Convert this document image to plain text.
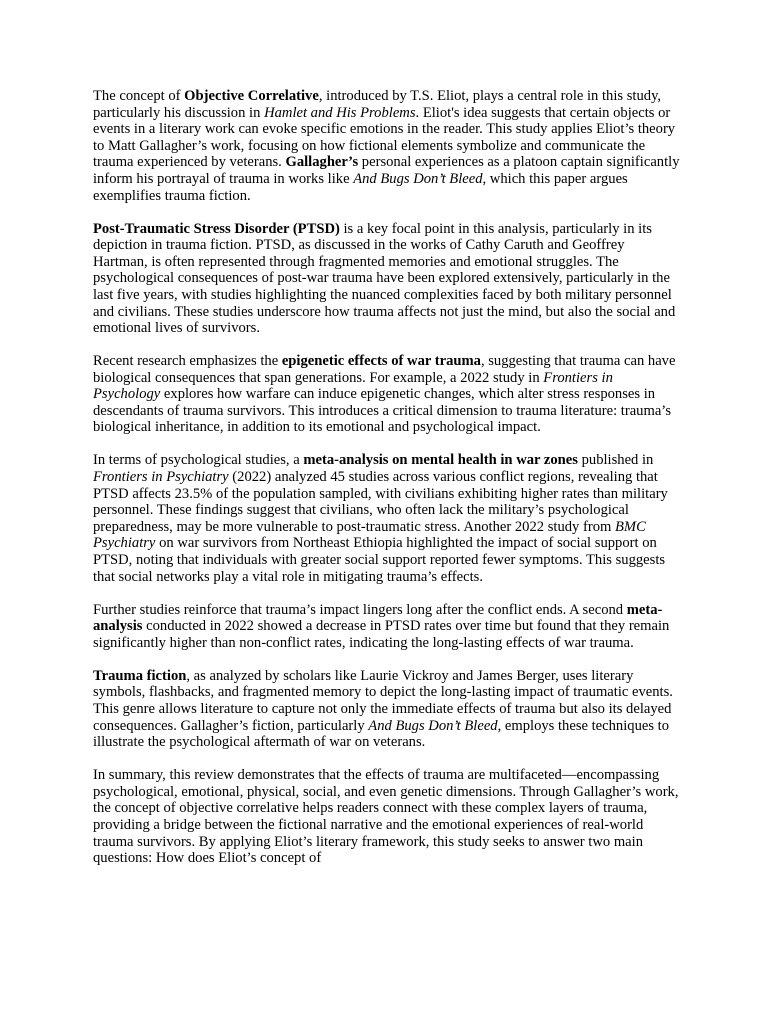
The concept of Objective Correlative, introduced by T.S. Eliot, plays a central role in this study, particularly his discussion in Hamlet and His Problems. Eliot's idea suggests that certain objects or events in a literary work can evoke specific emotions in the reader. This study applies Eliot’s theory to Matt Gallagher’s work, focusing on how fictional elements symbolize and communicate the trauma experienced by veterans. Gallagher’s personal experiences as a platoon captain significantly inform his portrayal of trauma in works like And Bugs Don’t Bleed, which this paper argues exemplifies trauma fiction.

Post-Traumatic Stress Disorder (PTSD) is a key focal point in this analysis, particularly in its depiction in trauma fiction. PTSD, as discussed in the works of Cathy Caruth and Geoffrey Hartman, is often represented through fragmented memories and emotional struggles. The psychological consequences of post-war trauma have been explored extensively, particularly in the last five years, with studies highlighting the nuanced complexities faced by both military personnel and civilians. These studies underscore how trauma affects not just the mind, but also the social and emotional lives of survivors.

Recent research emphasizes the epigenetic effects of war trauma, suggesting that trauma can have biological consequences that span generations. For example, a 2022 study in Frontiers in Psychology explores how warfare can induce epigenetic changes, which alter stress responses in descendants of trauma survivors. This introduces a critical dimension to trauma literature: trauma’s biological inheritance, in addition to its emotional and psychological impact.

In terms of psychological studies, a meta-analysis on mental health in war zones published in Frontiers in Psychiatry (2022) analyzed 45 studies across various conflict regions, revealing that PTSD affects 23.5% of the population sampled, with civilians exhibiting higher rates than military personnel. These findings suggest that civilians, who often lack the military’s psychological preparedness, may be more vulnerable to post-traumatic stress. Another 2022 study from BMC Psychiatry on war survivors from Northeast Ethiopia highlighted the impact of social support on PTSD, noting that individuals with greater social support reported fewer symptoms. This suggests that social networks play a vital role in mitigating trauma’s effects.

Further studies reinforce that trauma’s impact lingers long after the conflict ends. A second meta-analysis conducted in 2022 showed a decrease in PTSD rates over time but found that they remain significantly higher than non-conflict rates, indicating the long-lasting effects of war trauma.

Trauma fiction, as analyzed by scholars like Laurie Vickroy and James Berger, uses literary symbols, flashbacks, and fragmented memory to depict the long-lasting impact of traumatic events. This genre allows literature to capture not only the immediate effects of trauma but also its delayed consequences. Gallagher’s fiction, particularly And Bugs Don’t Bleed, employs these techniques to illustrate the psychological aftermath of war on veterans.

In summary, this review demonstrates that the effects of trauma are multifaceted—encompassing psychological, emotional, physical, social, and even genetic dimensions. Through Gallagher’s work, the concept of objective correlative helps readers connect with these complex layers of trauma, providing a bridge between the fictional narrative and the emotional experiences of real-world trauma survivors. By applying Eliot’s literary framework, this study seeks to answer two main questions: How does Eliot’s concept of
